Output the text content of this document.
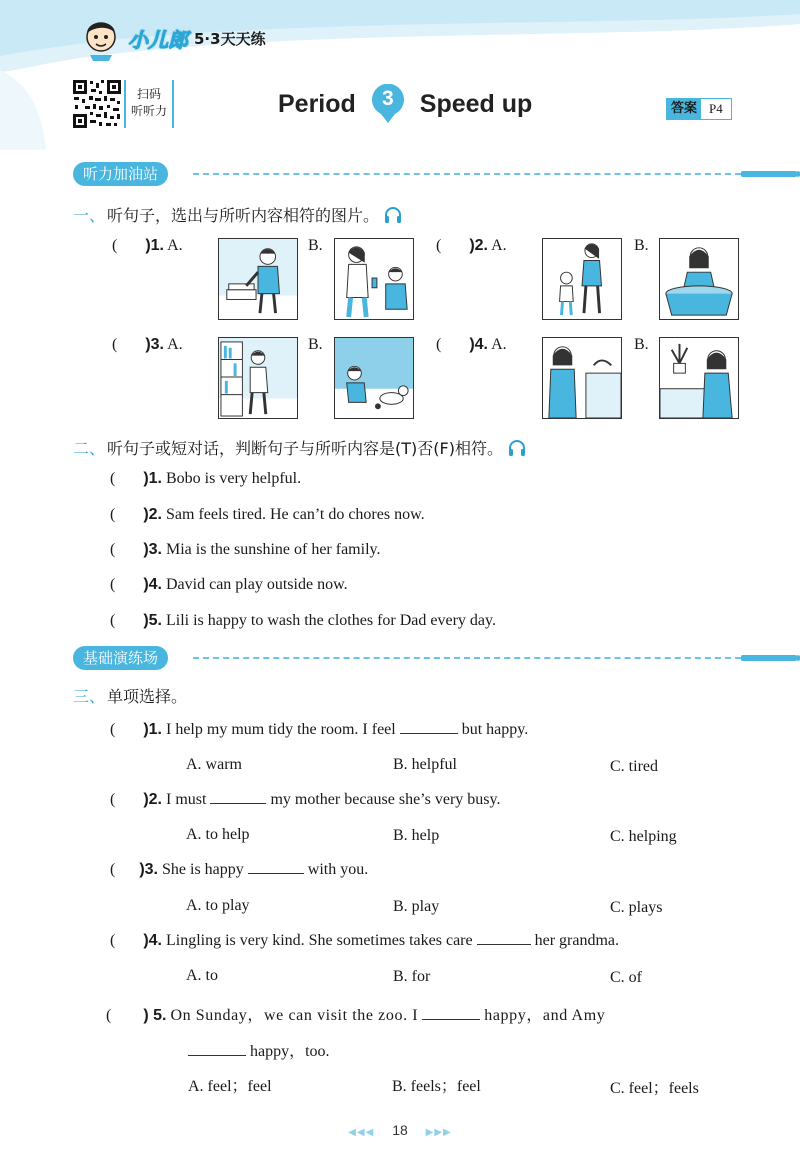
小儿郎 5·3天天练
扫码
听听力	Period	3	Speed up	答案 P4
听力加油站
一、 听句子，选出与所听内容相符的图片。
(       )1. A.	B.	(       )2. A.	B.
(       )3. A.	B.	(       )4. A.	B.
二、 听句子或短对话，判断句子与所听内容是(T)否(F)相符。
(       )1. Bobo is very helpful.
(       )2. Sam feels tired. He can’t do chores now.
(       )3. Mia is the sunshine of her family.
(       )4. David can play outside now.
(       )5. Lili is happy to wash the clothes for Dad every day.
基础演练场
三、 单项选择。
(       )1. I help my mum tidy the room. I feel	but happy.
A. warm	B. helpful	C. tired
(       )2. I must	my mother because she’s very busy.
A. to help	B. help	C. helping
(      )3. She is happy	with you.
A. to play	B. play	C. plays
(       )4. Lingling is very kind. She sometimes takes care	her grandma.
A. to	B. for	C. of
(        ) 5. On Sunday，we can visit the zoo. I	happy，and Amy
happy，too.
A. feel；feel	B. feels；feel	C. feel；feels
◀◀◀ 18 ▶▶▶
